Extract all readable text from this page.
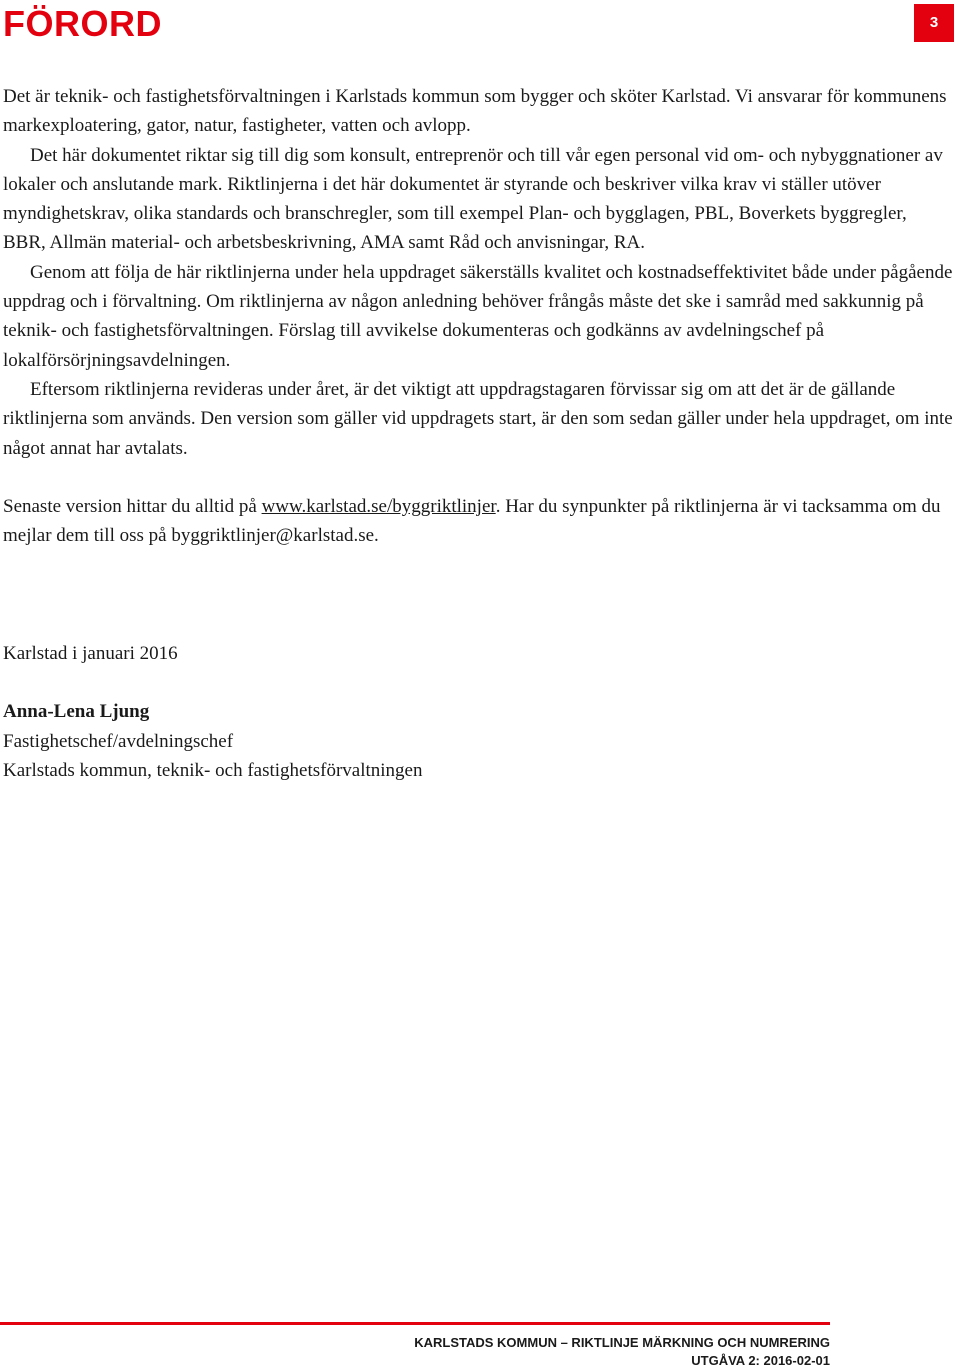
FÖRORD	3

Det är teknik- och fastighetsförvaltningen i Karlstads kommun som bygger och sköter Karlstad. Vi ansvarar för kommunens markexploatering, gator, natur, fastigheter, vatten och avlopp.

Det här dokumentet riktar sig till dig som konsult, entreprenör och till vår egen personal vid om- och nybyggnationer av lokaler och anslutande mark. Riktlinjerna i det här dokumentet är styrande och beskriver vilka krav vi ställer utöver myndighetskrav, olika standards och branschregler, som till exempel Plan- och bygglagen, PBL, Boverkets byggregler, BBR, Allmän material- och arbetsbeskrivning, AMA samt Råd och anvisningar, RA.

Genom att följa de här riktlinjerna under hela uppdraget säkerställs kvalitet och kostnadseffektivitet både under pågående uppdrag och i förvaltning. Om riktlinjerna av någon anledning behöver frångås måste det ske i samråd med sakkunnig på teknik- och fastighetsförvaltningen. Förslag till avvikelse dokumenteras och godkänns av avdelningschef på lokalförsörjningsavdelningen.

Eftersom riktlinjerna revideras under året, är det viktigt att uppdragstagaren förvissar sig om att det är de gällande riktlinjerna som används. Den version som gäller vid uppdragets start, är den som sedan gäller under hela uppdraget, om inte något annat har avtalats.

Senaste version hittar du alltid på www.karlstad.se/byggriktlinjer. Har du synpunkter på riktlinjerna är vi tacksamma om du mejlar dem till oss på byggriktlinjer@karlstad.se.

Karlstad i januari 2016

Anna-Lena Ljung

Fastighetschef/avdelningschef

Karlstads kommun, teknik- och fastighetsförvaltningen

KARLSTADS KOMMUN – RIKTLINJE MÄRKNING OCH NUMRERING
UTGÅVA 2: 2016-02-01
